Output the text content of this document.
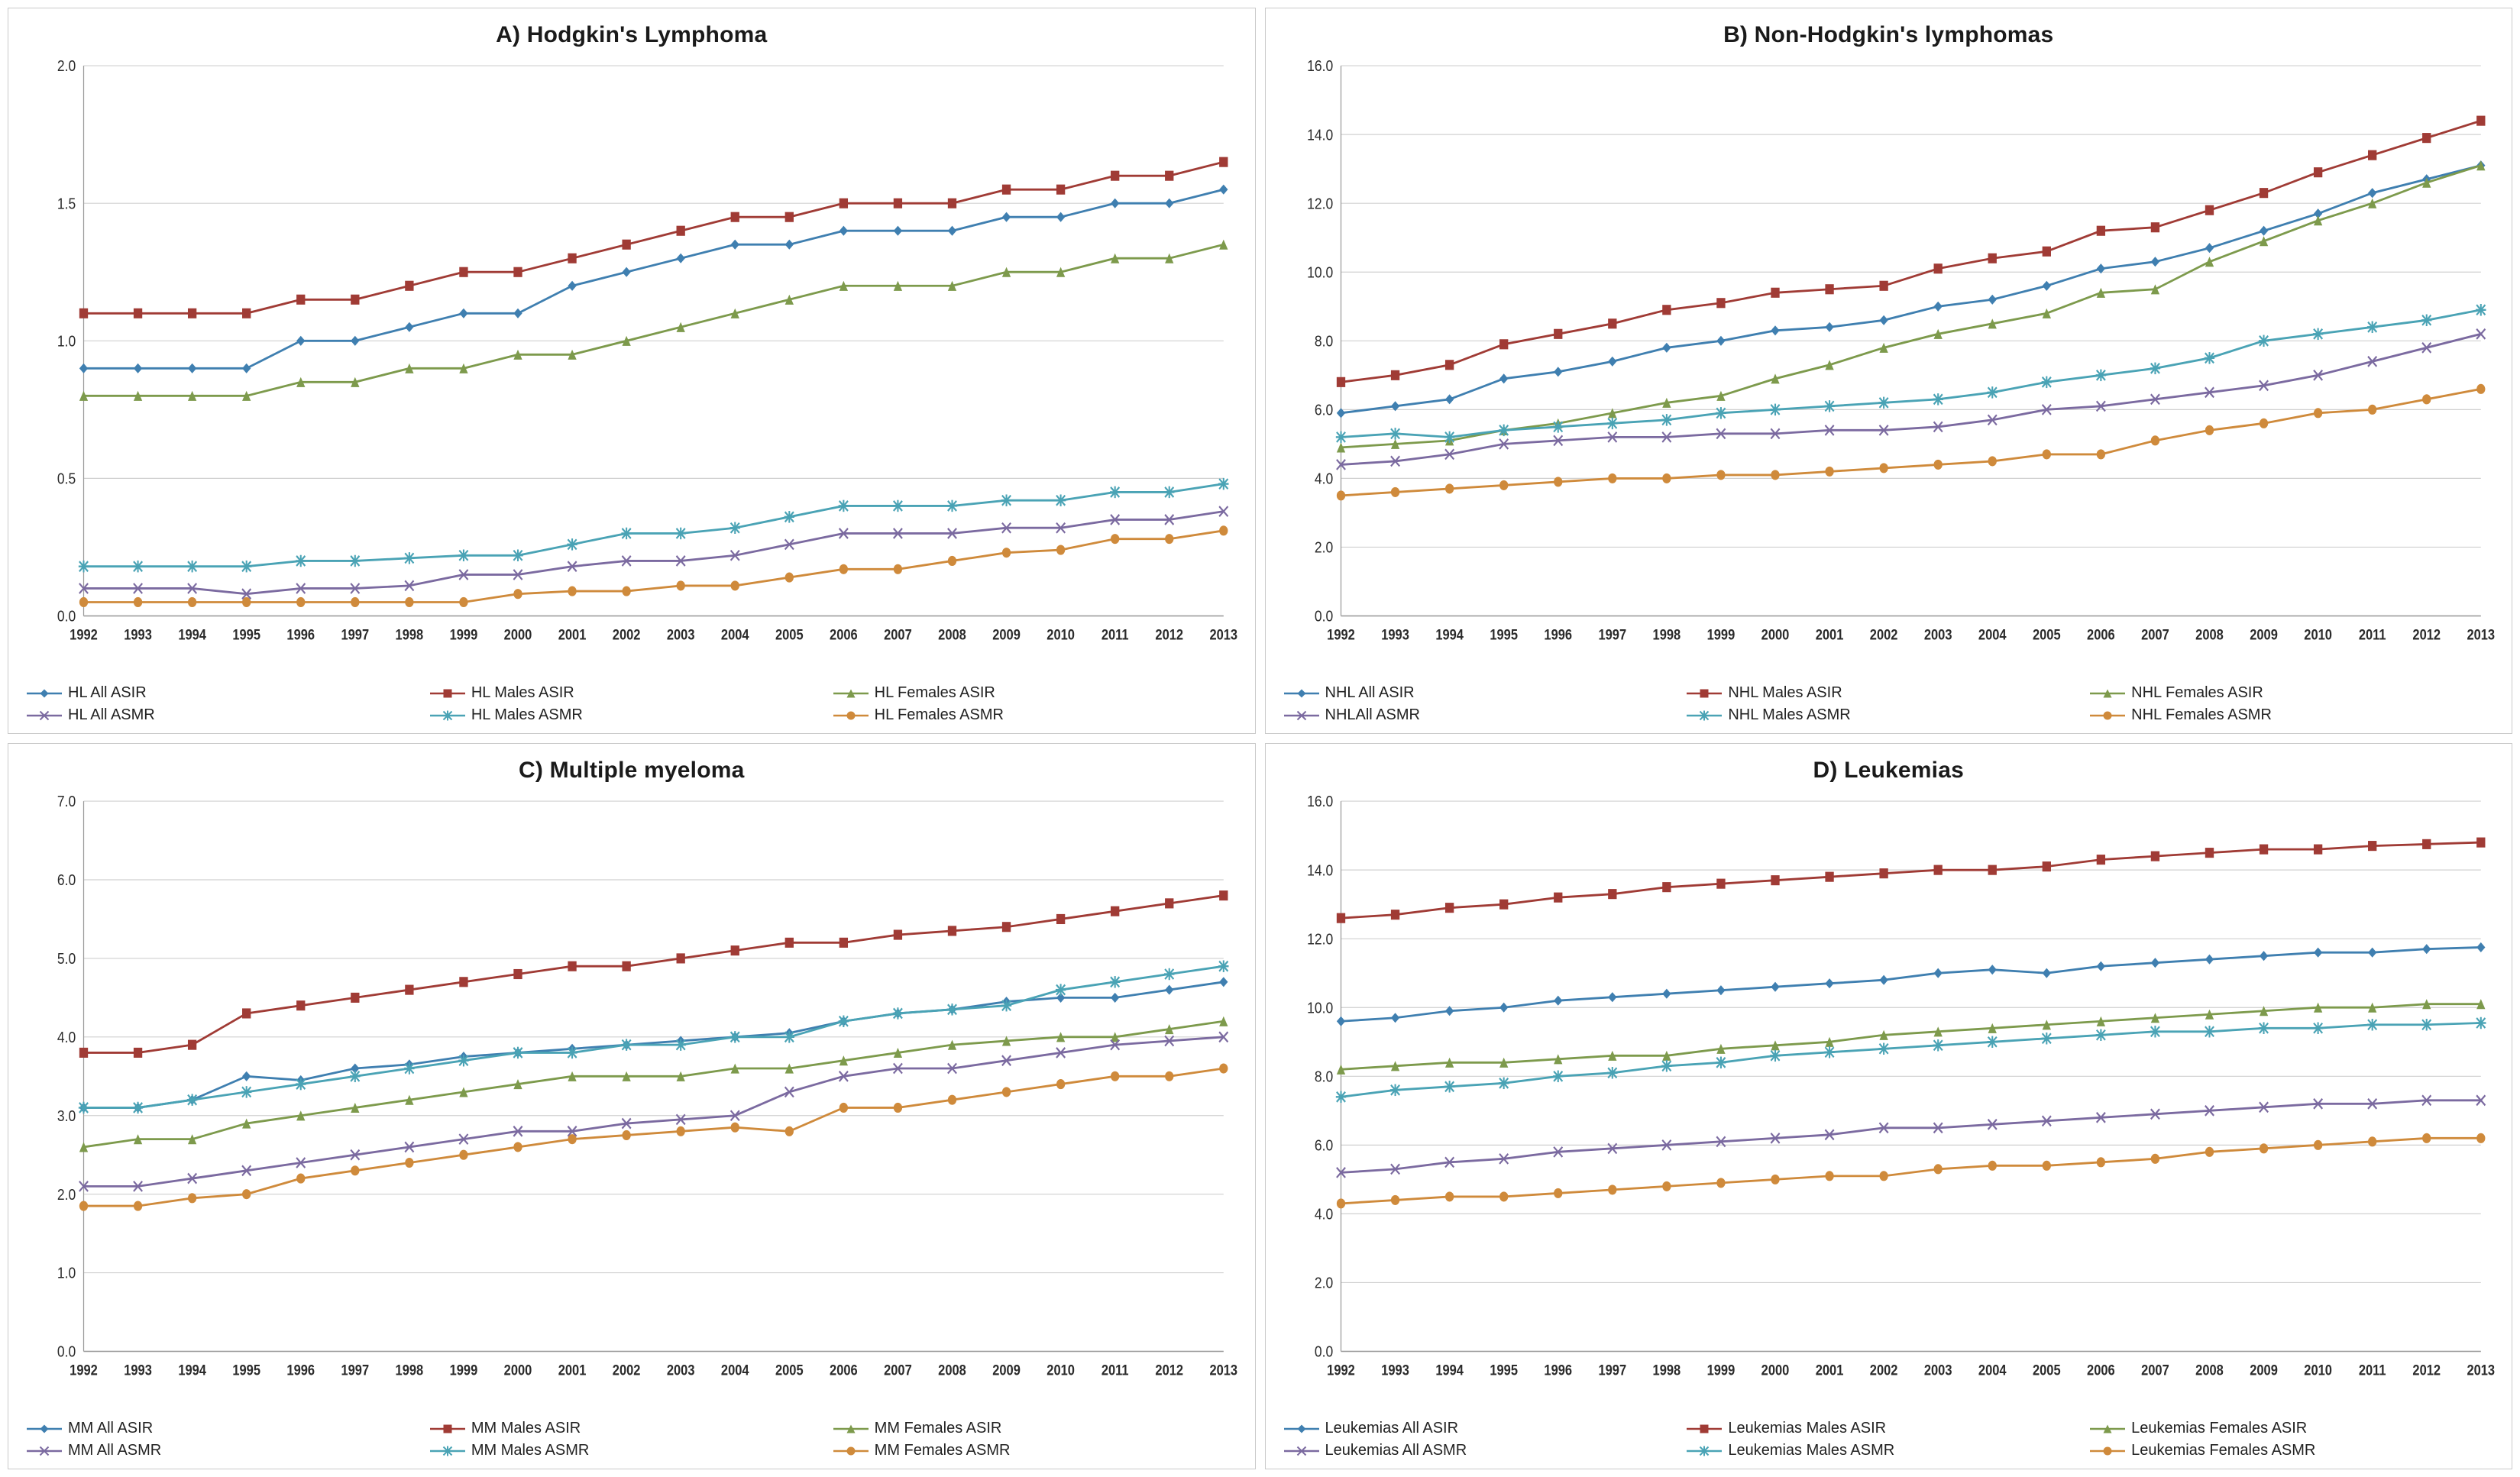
A) Hodgkin's Lymphoma
0.0
0.5
1.0
1.5
2.0
1992 1993 1994 1995 1996 1997 1998 1999 2000 2001 2002 2003 2004 2005 2006 2007 2008 2009 2010 2011 2012 2013
HL All ASIR	HL Males ASIR	HL Females ASIR
HL All ASMR	HL Males ASMR	HL Females ASMR
B) Non-Hodgkin's lymphomas
0.0
2.0
4.0
6.0
8.0
10.0
12.0
14.0
16.0
1992 1993 1994 1995 1996 1997 1998 1999 2000 2001 2002 2003 2004 2005 2006 2007 2008 2009 2010 2011 2012 2013
NHL All ASIR	NHL Males ASIR	NHL Females ASIR
NHLAll ASMR	NHL Males ASMR	NHL Females ASMR
C) Multiple myeloma
0.0
1.0
2.0
3.0
4.0
5.0
6.0
7.0
1992 1993 1994 1995 1996 1997 1998 1999 2000 2001 2002 2003 2004 2005 2006 2007 2008 2009 2010 2011 2012 2013
MM All ASIR	MM Males ASIR	MM Females ASIR
MM All ASMR	MM Males ASMR	MM Females ASMR
D) Leukemias
0.0
2.0
4.0
6.0
8.0
10.0
12.0
14.0
16.0
1992 1993 1994 1995 1996 1997 1998 1999 2000 2001 2002 2003 2004 2005 2006 2007 2008 2009 2010 2011 2012 2013
Leukemias All ASIR	Leukemias Males ASIR	Leukemias Females ASIR
Leukemias All ASMR	Leukemias Males ASMR	Leukemias Females ASMR
